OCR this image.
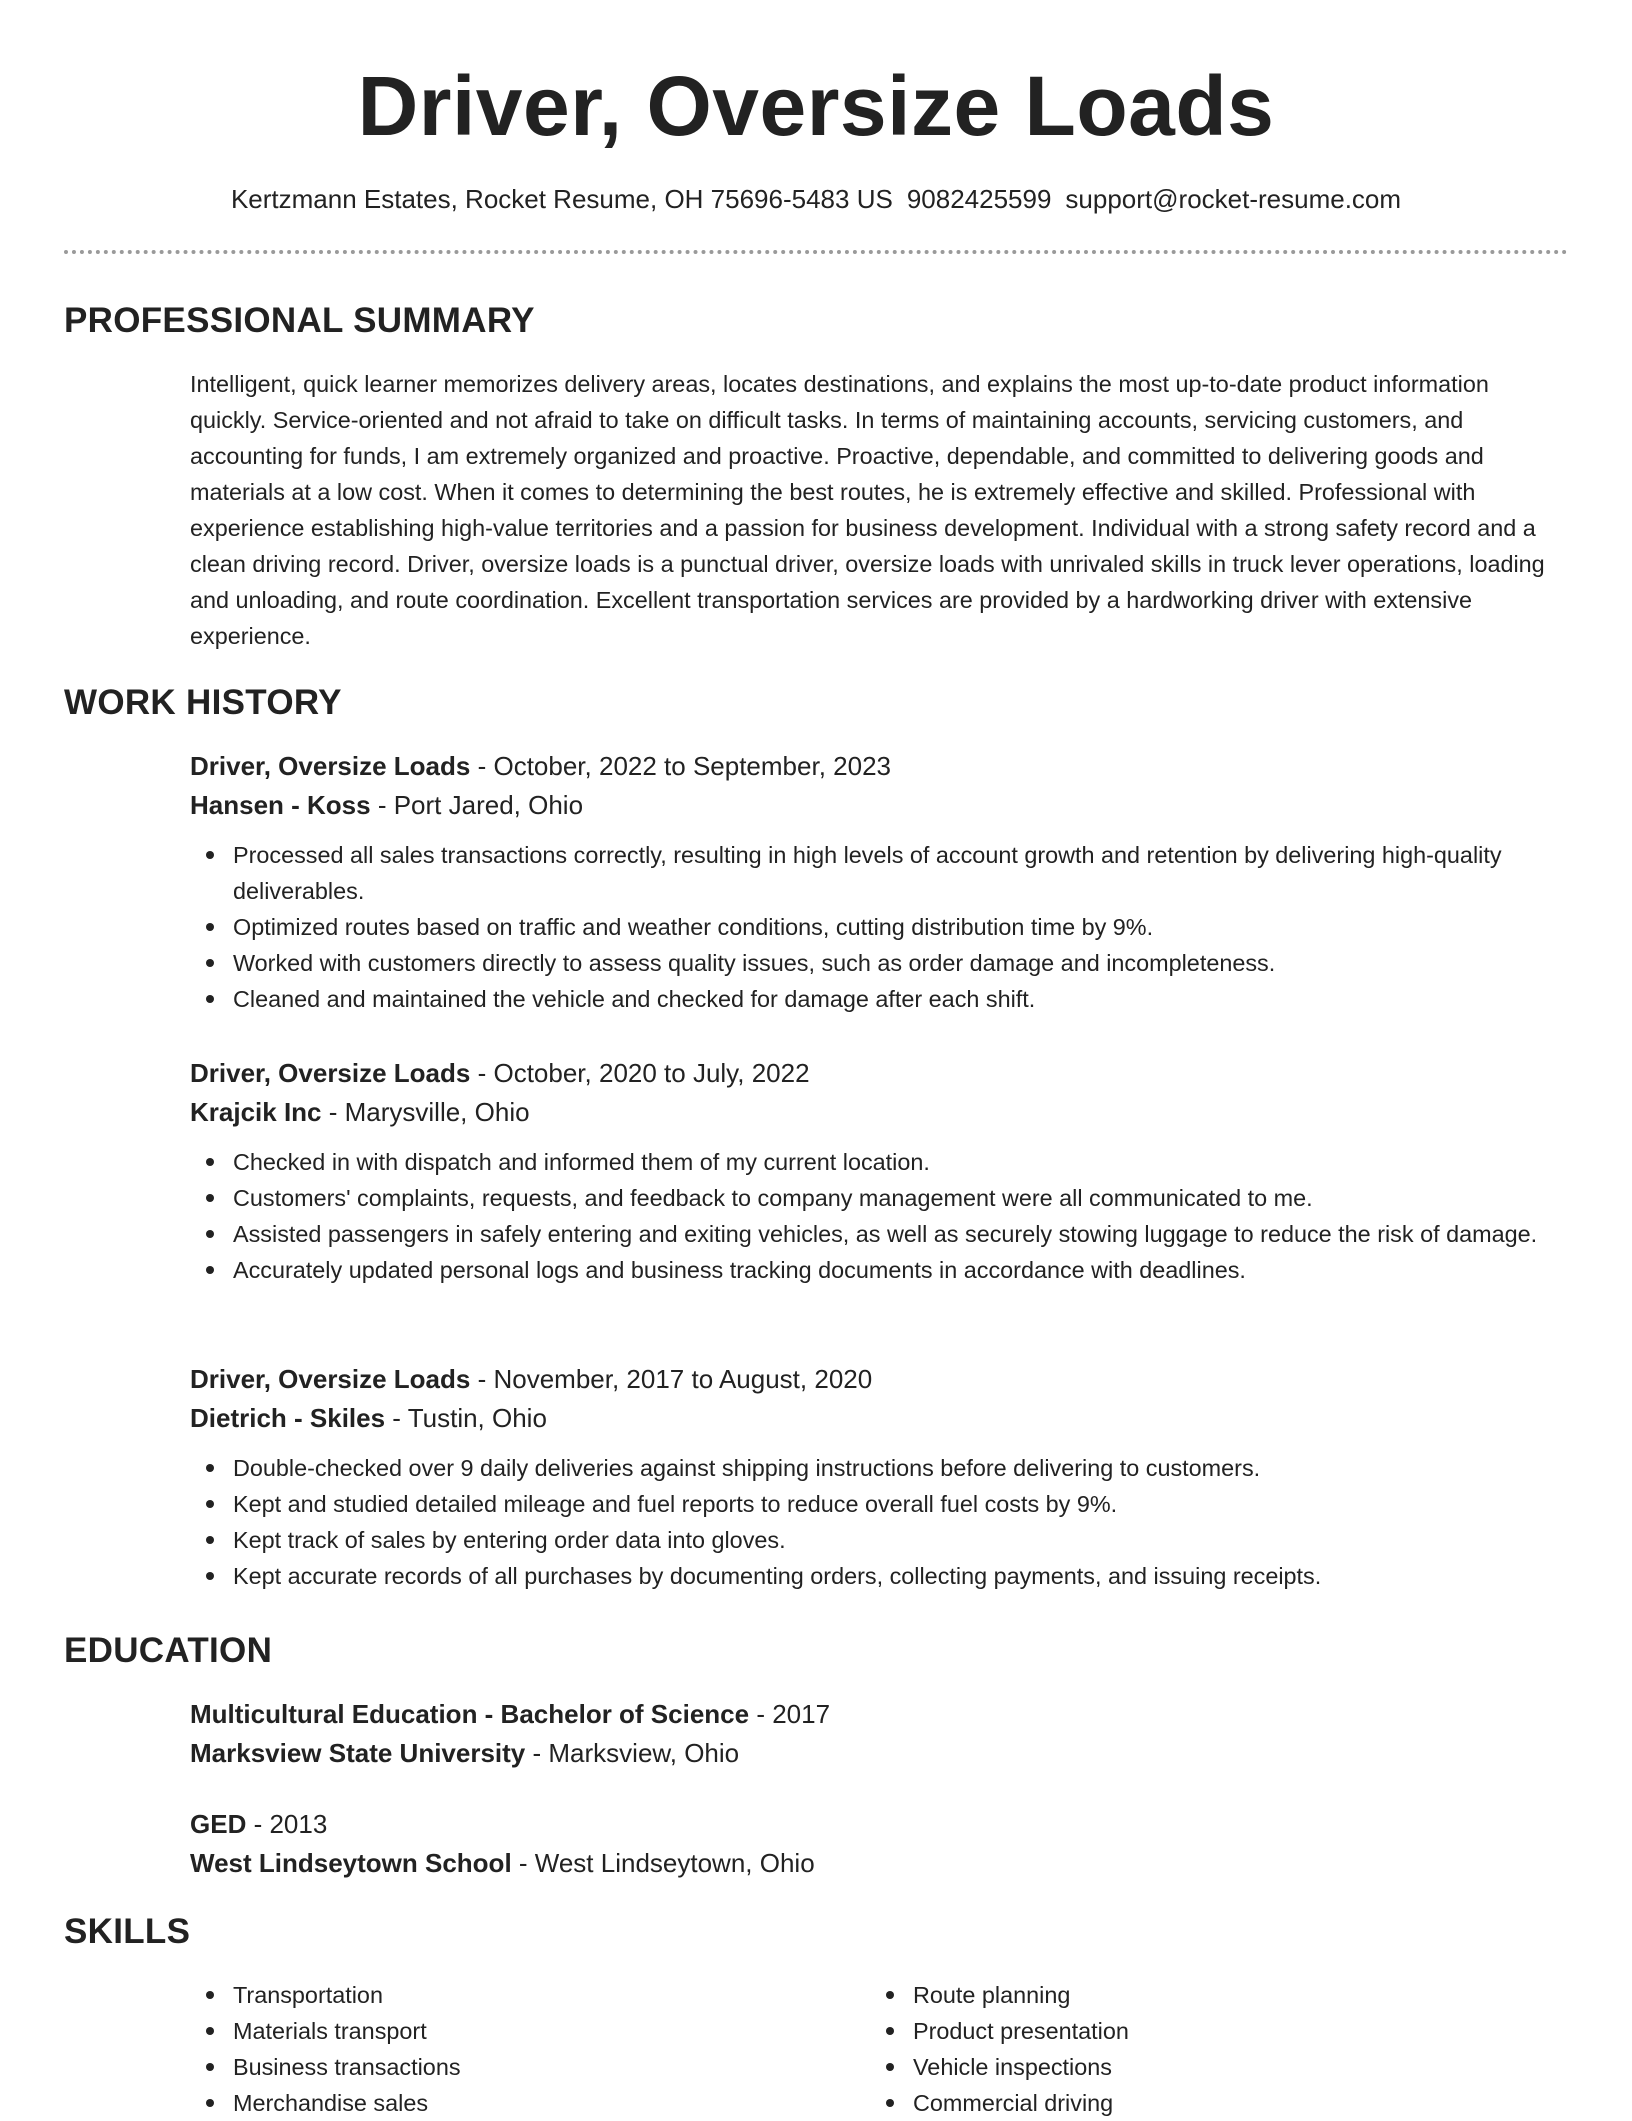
Driver, Oversize Loads
Kertzmann Estates, Rocket Resume, OH 75696-5483 US 9082425599 support@rocket-resume.com
PROFESSIONAL SUMMARY

Intelligent, quick learner memorizes delivery areas, locates destinations, and explains the most up-to-date product information quickly. Service-oriented and not afraid to take on difficult tasks. In terms of maintaining accounts, servicing customers, and accounting for funds, I am extremely organized and proactive. Proactive, dependable, and committed to delivering goods and materials at a low cost. When it comes to determining the best routes, he is extremely effective and skilled. Professional with experience establishing high-value territories and a passion for business development. Individual with a strong safety record and a clean driving record. Driver, oversize loads is a punctual driver, oversize loads with unrivaled skills in truck lever operations, loading and unloading, and route coordination. Excellent transportation services are provided by a hardworking driver with extensive experience.

WORK HISTORY
Driver, Oversize Loads - October, 2022 to September, 2023
Hansen - Koss - Port Jared, Ohio
Processed all sales transactions correctly, resulting in high levels of account growth and retention by delivering high-quality deliverables.
Optimized routes based on traffic and weather conditions, cutting distribution time by 9%.
Worked with customers directly to assess quality issues, such as order damage and incompleteness.
Cleaned and maintained the vehicle and checked for damage after each shift.
Driver, Oversize Loads - October, 2020 to July, 2022
Krajcik Inc - Marysville, Ohio
Checked in with dispatch and informed them of my current location.
Customers' complaints, requests, and feedback to company management were all communicated to me.
Assisted passengers in safely entering and exiting vehicles, as well as securely stowing luggage to reduce the risk of damage.
Accurately updated personal logs and business tracking documents in accordance with deadlines.
Driver, Oversize Loads - November, 2017 to August, 2020
Dietrich - Skiles - Tustin, Ohio
Double-checked over 9 daily deliveries against shipping instructions before delivering to customers.
Kept and studied detailed mileage and fuel reports to reduce overall fuel costs by 9%.
Kept track of sales by entering order data into gloves.
Kept accurate records of all purchases by documenting orders, collecting payments, and issuing receipts.
EDUCATION
Multicultural Education - Bachelor of Science - 2017
Marksview State University - Marksview, Ohio
GED - 2013
West Lindseytown School - West Lindseytown, Ohio
SKILLS
Transportation
Materials transport
Business transactions
Merchandise sales
Route planning
Product presentation
Vehicle inspections
Commercial driving
